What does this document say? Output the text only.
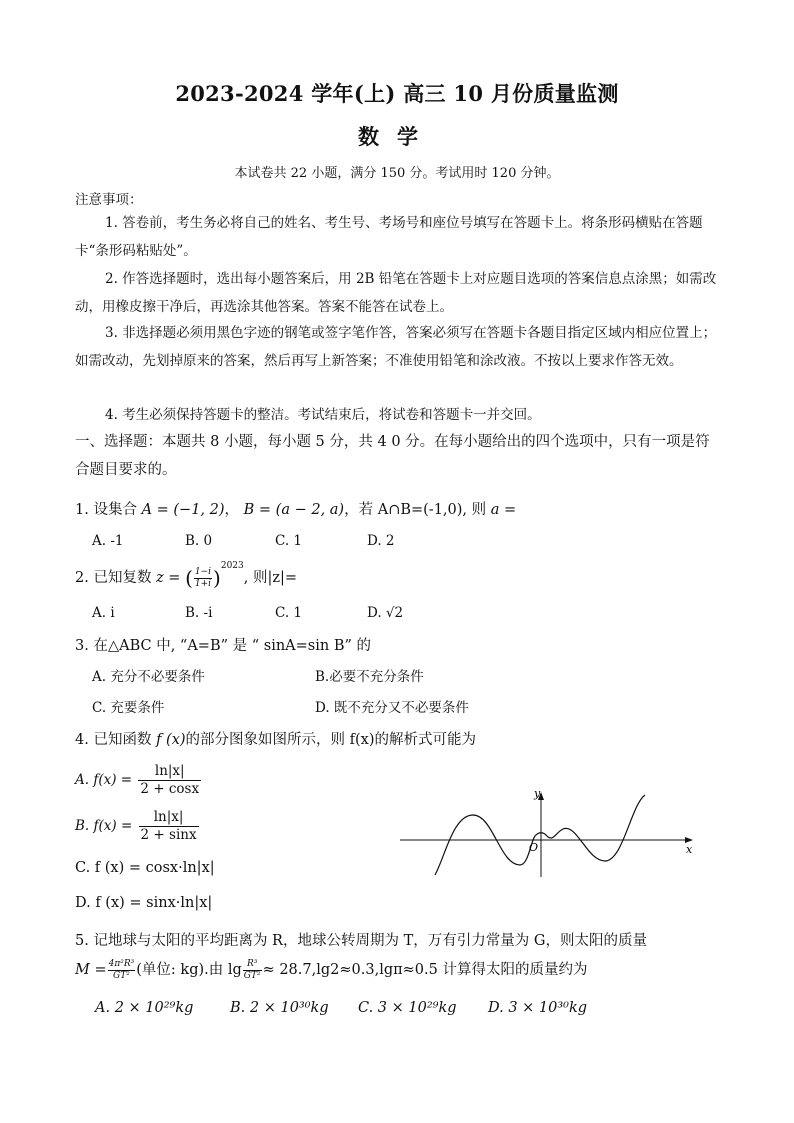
2023-2024 学年(上) 高三 10 月份质量监测
数学
本试卷共 22 小题，满分 150 分。考试用时 120 分钟。
注意事项：
1. 答卷前，考生务必将自己的姓名、考生号、考场号和座位号填写在答题卡上。将条形码横贴在答题卡“条形码粘贴处”。
2. 作答选择题时，选出每小题答案后，用 2B 铅笔在答题卡上对应题目选项的答案信息点涂黑；如需改动，用橡皮擦干净后，再选涂其他答案。答案不能答在试卷上。
3. 非选择题必须用黑色字迹的钢笔或签字笔作答，答案必须写在答题卡各题目指定区域内相应位置上；如需改动，先划掉原来的答案，然后再写上新答案；不准使用铅笔和涂改液。不按以上要求作答无效。
4. 考生必须保持答题卡的整洁。考试结束后，将试卷和答题卡一并交回。
一、选择题：本题共 8 小题，每小题 5 分，共 4 0 分。在每小题给出的四个选项中，只有一项是符合题目要求的。
1. 设集合 A = (−1, 2)， B = (a − 2, a)，若 A∩B=(-1,0), 则 a =
A. -1	B. 0	C. 1	D. 2
2. 已知复数 z = ( $\frac{1-i}{1+i} )^{2023}$, 则|z|=
A. i	B. -i	C. 1	D. √2
3. 在△ABC 中, “A=B” 是 “ sinA=sin B” 的
A. 充分不必要条件	B.必要不充分条件
C. 充要条件	D. 既不充分又不必要条件
4. 已知函数 f (x)的部分图象如图所示，则 f(x)的解析式可能为
A. $f(x) = \frac{\ln|x|}{2 + \cos x}$
B. $f(x) = \frac{\ln|x|}{2 + \sin x}$
C. f (x) = cosx·ln|x|
D. f (x) = sinx·ln|x|
y
x
O
5. 记地球与太阳的平均距离为 R，地球公转周期为 T，万有引力常量为 G，则太阳的质量
$M = \frac{\text{4π²R³}}{\text{GT²}}$ (单位: kg).由 $\lg \frac{\text{R³}}{\text{GT²}} \approx 28.7,\lg 2\approx 0.3,\lg\pi\approx 0.5$ 计算得太阳的质量约为
A. 2 × 10²⁹kg	B. 2 × 10³⁰kg C. 3 × 10²⁹kg D. 3 × 10³⁰kg
